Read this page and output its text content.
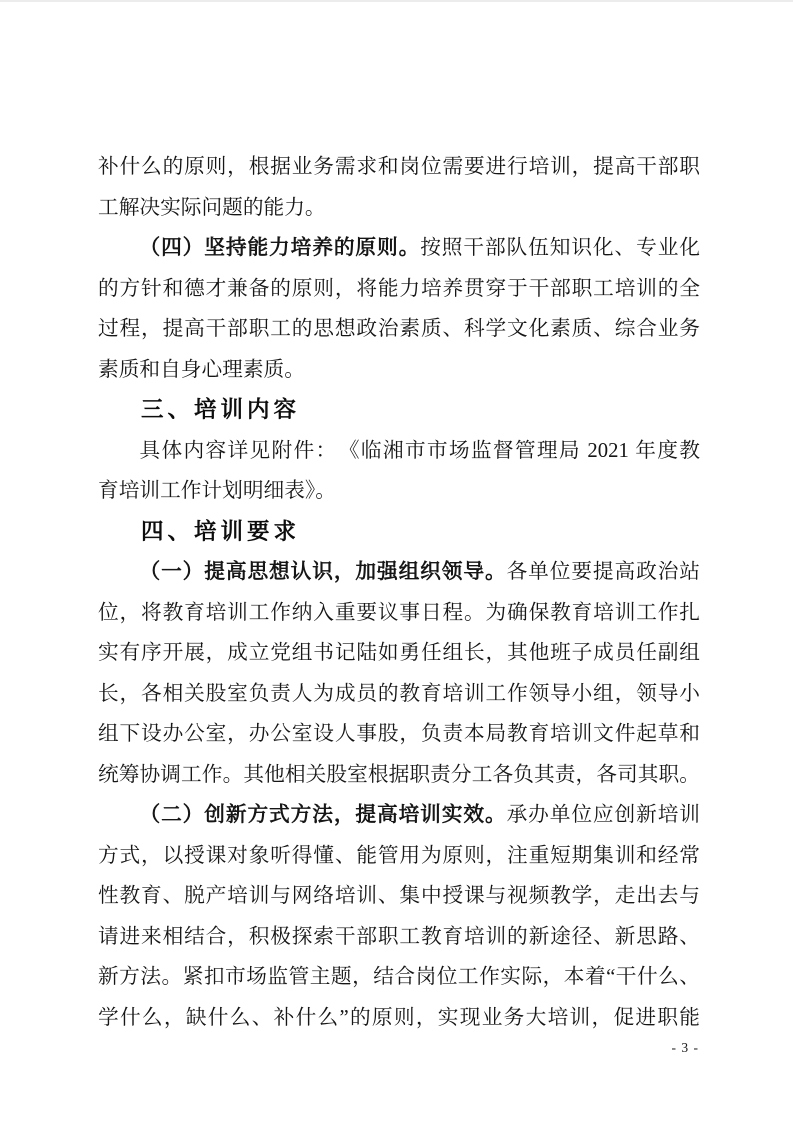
补什么的原则，根据业务需求和岗位需要进行培训，提高干部职
工解决实际问题的能力。
（四）坚持能力培养的原则。按照干部队伍知识化、专业化
的方针和德才兼备的原则，将能力培养贯穿于干部职工培训的全
过程，提高干部职工的思想政治素质、科学文化素质、综合业务
素质和自身心理素质。
三、培训内容
具体内容详见附件：　《临湘市市场监督管理局 2021 年度教
育培训工作计划明细表》。
四、培训要求
（一）提高思想认识，加强组织领导。各单位要提高政治站
位，将教育培训工作纳入重要议事日程。为确保教育培训工作扎
实有序开展，成立党组书记陆如勇任组长，其他班子成员任副组
长，各相关股室负责人为成员的教育培训工作领导小组，领导小
组下设办公室，办公室设人事股，负责本局教育培训文件起草和
统筹协调工作。其他相关股室根据职责分工各负其责，各司其职。
（二）创新方式方法，提高培训实效。承办单位应创新培训
方式，以授课对象听得懂、能管用为原则，注重短期集训和经常
性教育、脱产培训与网络培训、集中授课与视频教学，走出去与
请进来相结合，积极探索干部职工教育培训的新途径、新思路、
新方法。紧扣市场监管主题，结合岗位工作实际，本着“干什么、
学什么，缺什么、补什么”的原则，实现业务大培训，促进职能
- 3 -
